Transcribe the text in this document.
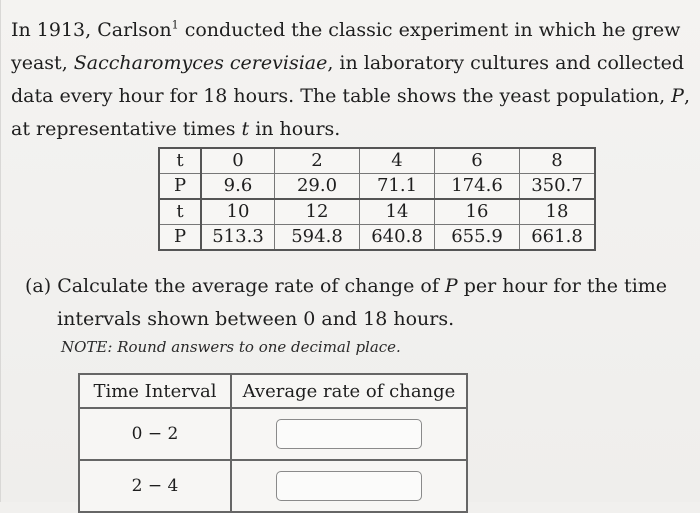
In 1913, Carlson$^1$ conducted the classic experiment in which he grew yeast, Saccharomyces cerevisiae, in laboratory cultures and collected data every hour for 18 hours. The table shows the yeast population, P, at representative times t in hours.
t	0	2	4	6	8
P	9.6	29.0	71.1	174.6	350.7
t	10	12	14	16	18
P	513.3	594.8	640.8	655.9	661.8
(a) Calculate the average rate of change of P per hour for the time
intervals shown between 0 and 18 hours.
NOTE: Round answers to one decimal place.
Time Interval	Average rate of change
0 − 2	

2 − 4	
